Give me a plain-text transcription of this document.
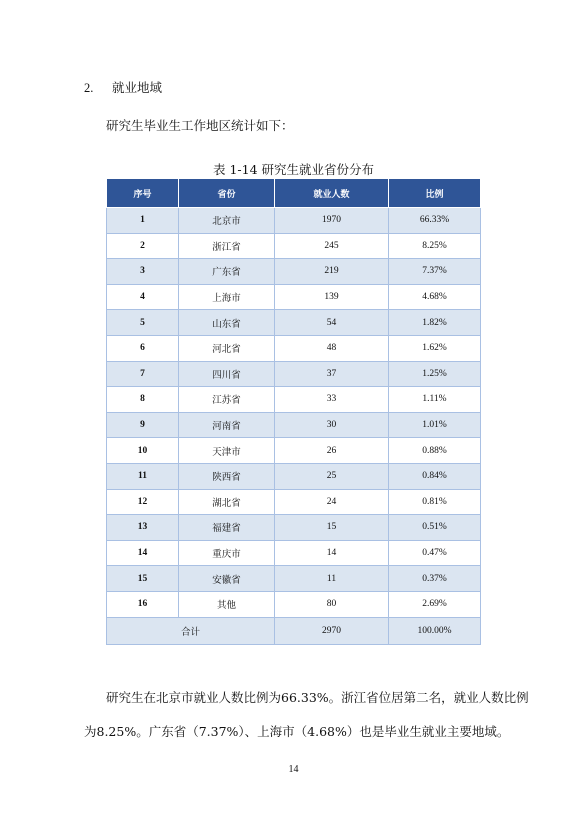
2. 就业地域
研究生毕业生工作地区统计如下：
表 1-14 研究生就业省份分布
序号	省份	就业人数	比例
1	北京市	1970	66.33%
2	浙江省	245	8.25%
3	广东省	219	7.37%
4	上海市	139	4.68%
5	山东省	54	1.82%
6	河北省	48	1.62%
7	四川省	37	1.25%
8	江苏省	33	1.11%
9	河南省	30	1.01%
10	天津市	26	0.88%
11	陕西省	25	0.84%
12	湖北省	24	0.81%
13	福建省	15	0.51%
14	重庆市	14	0.47%
15	安徽省	11	0.37%
16	其他	80	2.69%
合计		2970	100.00%
研究生在北京市就业人数比例为66.33%。浙江省位居第二名，就业人数比例
为8.25%。广东省（7.37%）、上海市（4.68%）也是毕业生就业主要地域。
14
